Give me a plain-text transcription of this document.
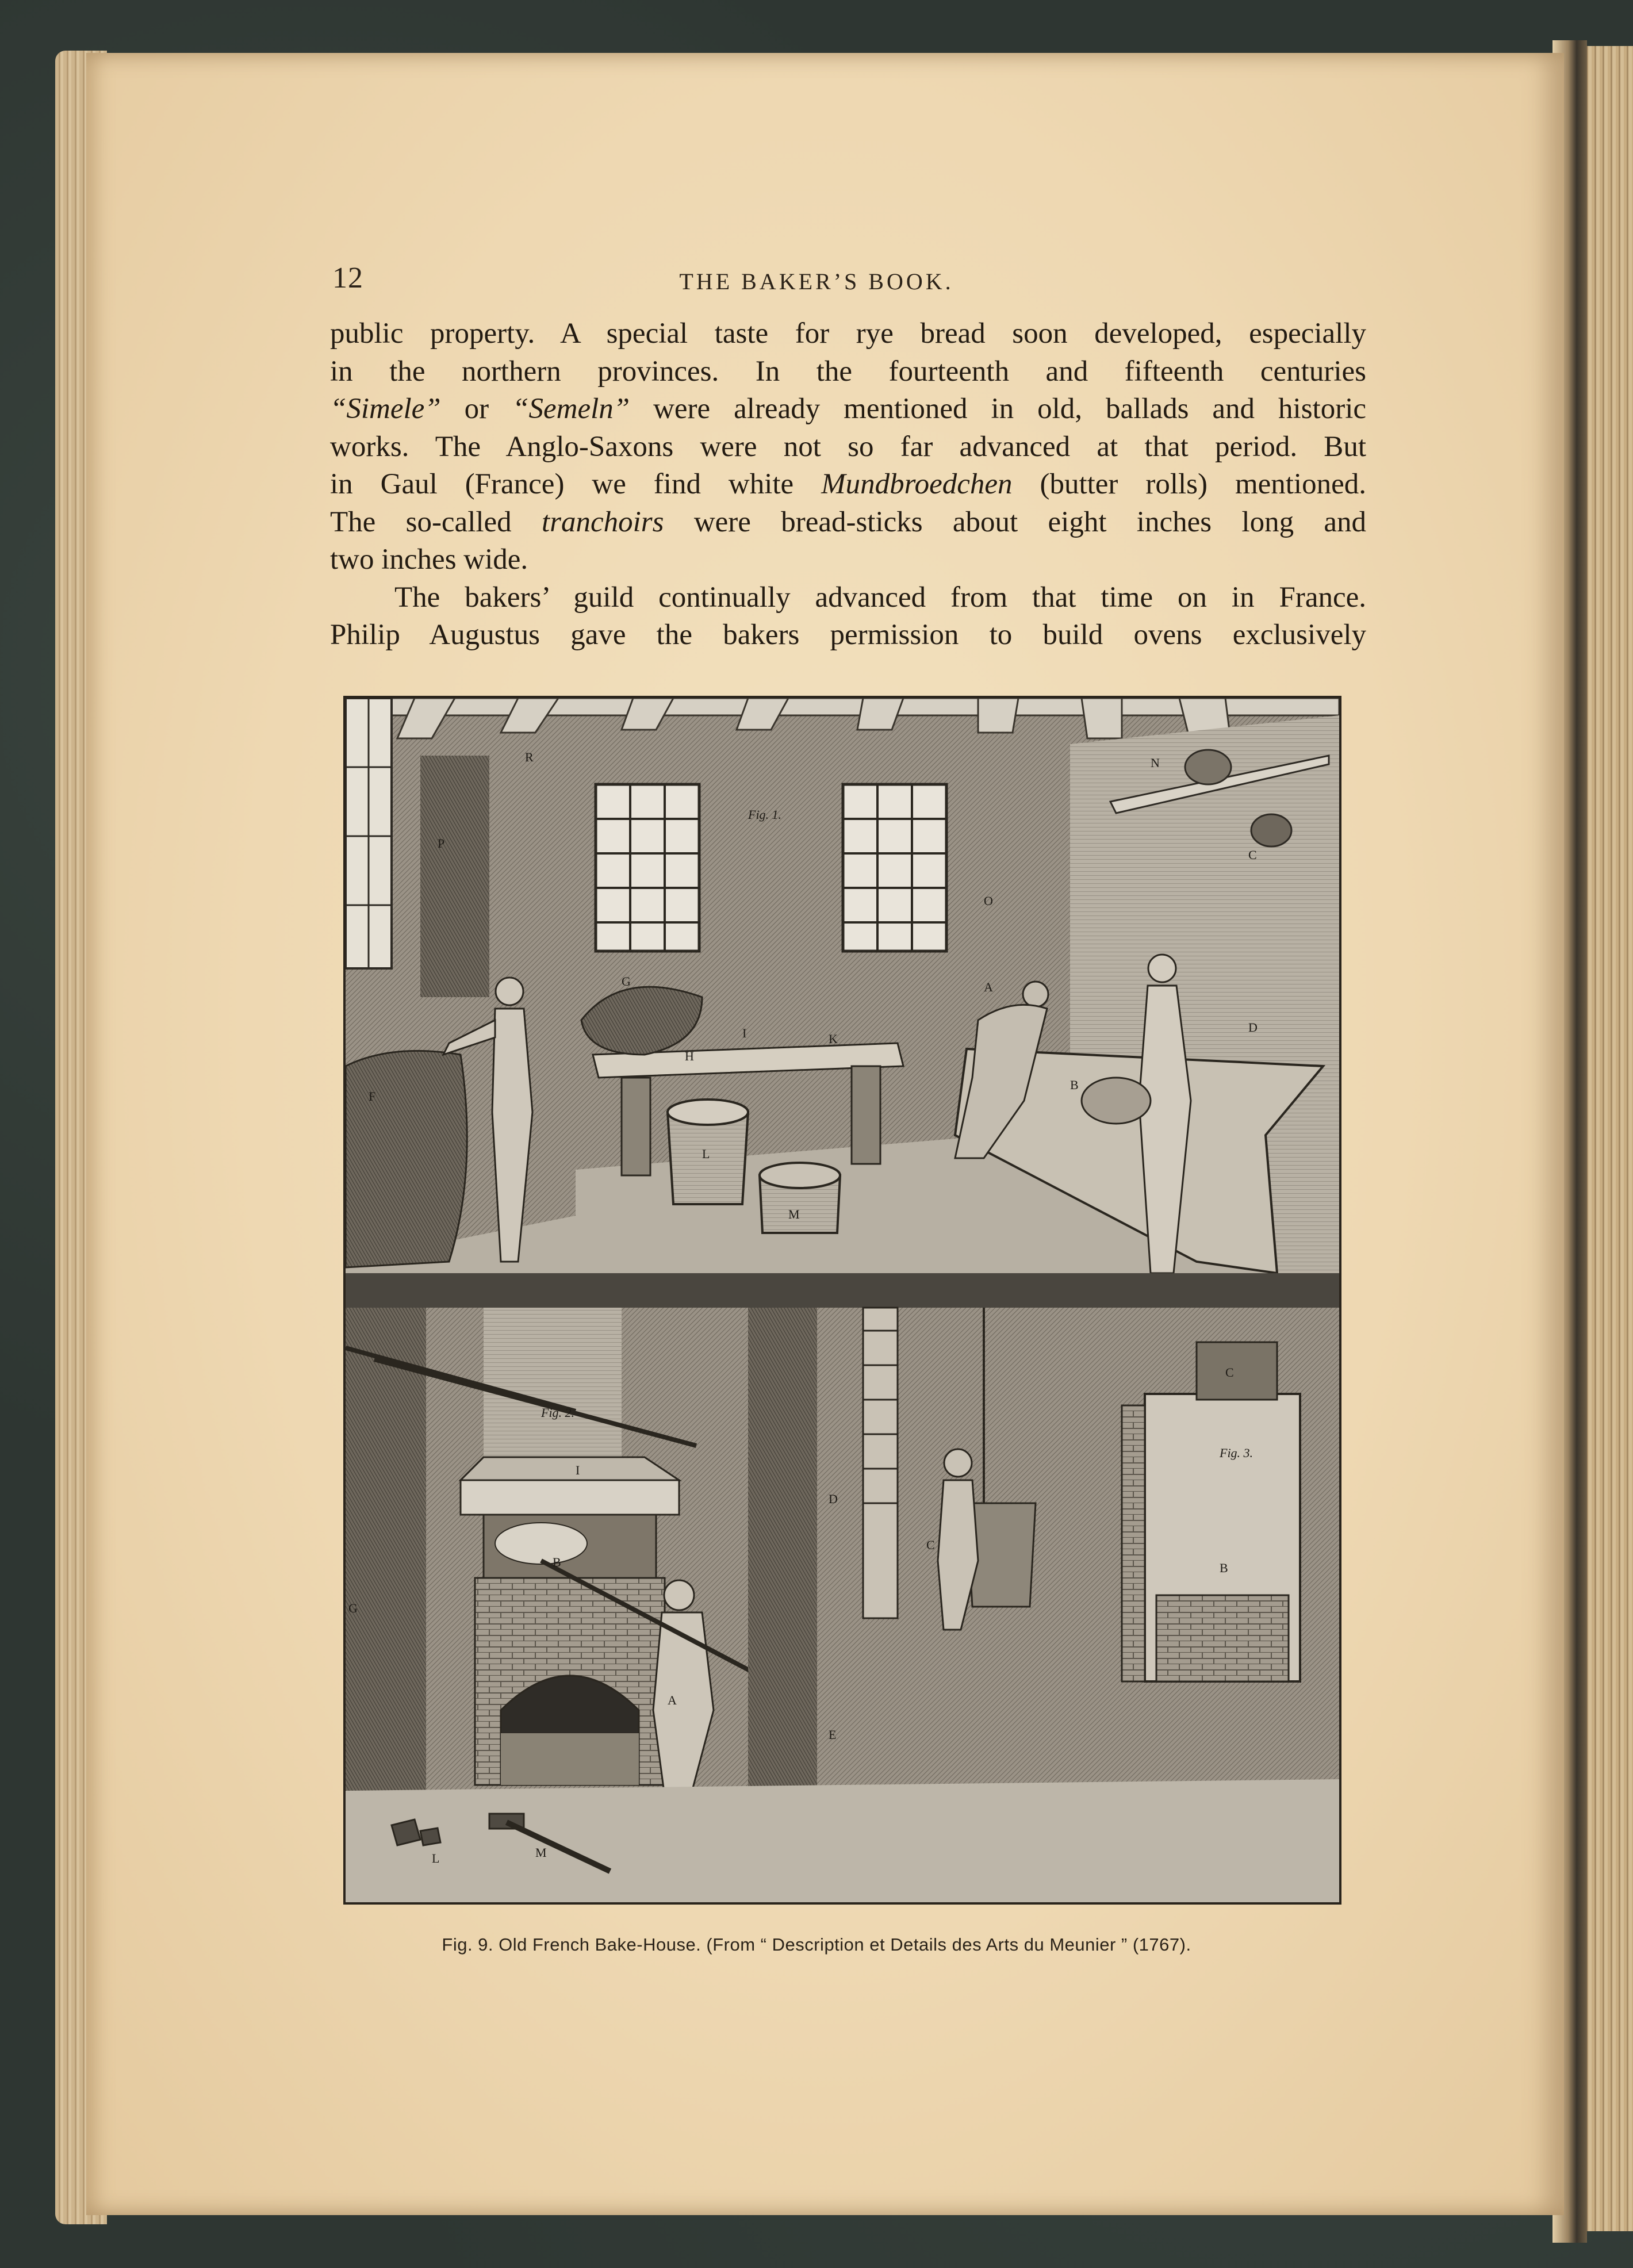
12	THE BAKER’S BOOK.

public property. A special taste for rye bread soon developed, especially
in the northern provinces. In the fourteenth and fifteenth centuries
“Simele” or “Semeln” were already mentioned in old, ballads and historic
works. The Anglo-Saxons were not so far advanced at that period. But
in Gaul (France) we find white Mundbroedchen (butter rolls) mentioned.
The so-called tranchoirs were bread-sticks about eight inches long and
two inches wide.

The bakers’ guild continually advanced from that time on in France.
Philip Augustus gave the bakers permission to build ovens exclusively

R
P
G
H
I	K
L
M
F
N
C
O
A
B
D
Fig. 1.
Fig. 2.
Fig. 3.
I
B
A
G
L	M
D
C
B
C
E
Fig. 9. Old French Bake-House. (From “ Description et Details des Arts du Meunier ” (1767).
